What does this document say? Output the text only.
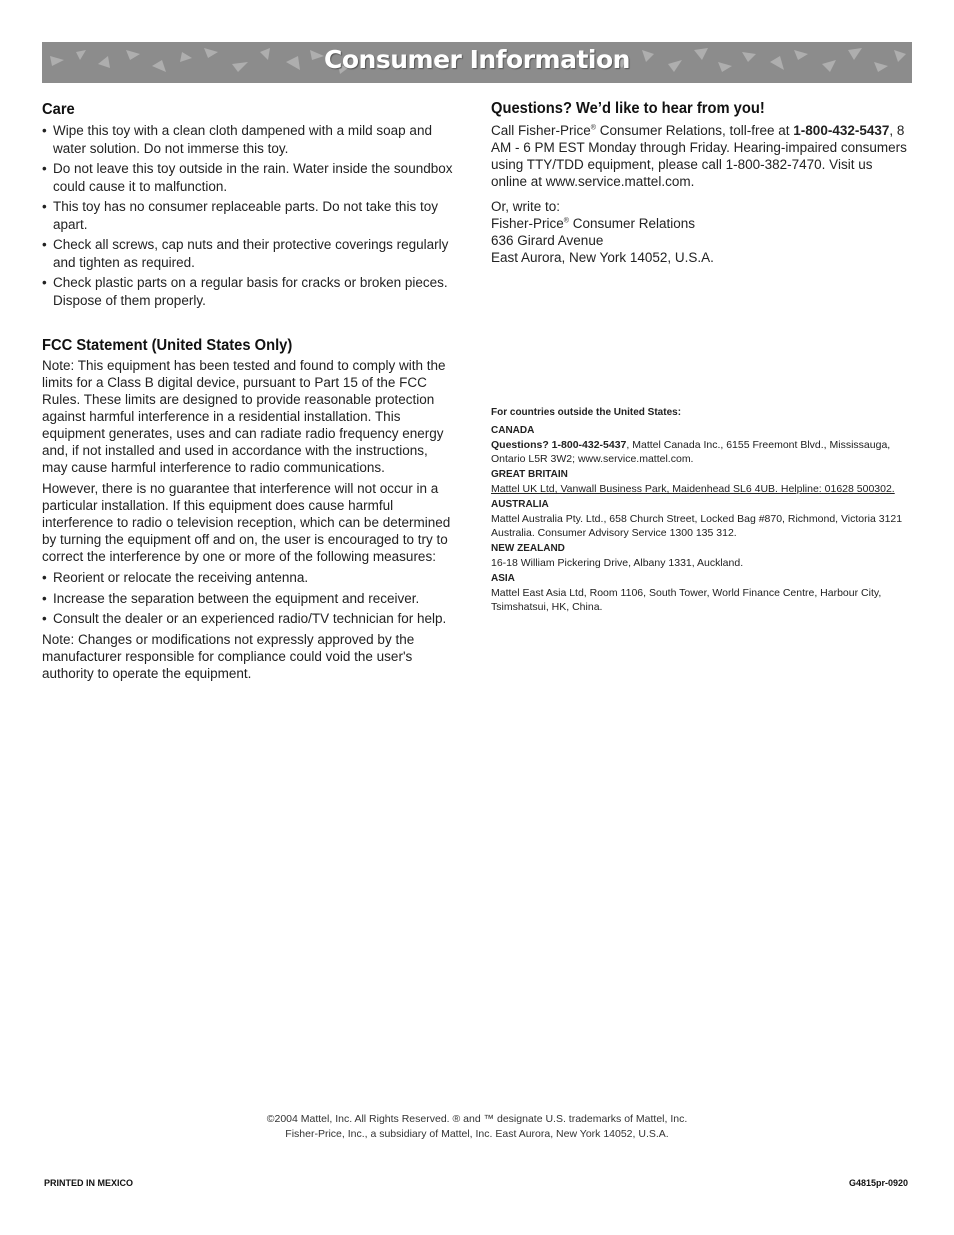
Consumer Information
Care
• Wipe this toy with a clean cloth dampened with a mild soap and water solution. Do not immerse this toy.
• Do not leave this toy outside in the rain. Water inside the soundbox could cause it to malfunction.
• This toy has no consumer replaceable parts. Do not take this toy apart.
• Check all screws, cap nuts and their protective coverings regularly and tighten as required.
• Check plastic parts on a regular basis for cracks or broken pieces. Dispose of them properly.
FCC Statement (United States Only)

Note: This equipment has been tested and found to comply with the limits for a Class B digital device, pursuant to Part 15 of the FCC Rules. These limits are designed to provide reasonable protection against harmful interference in a residential installation. This equipment generates, uses and can radiate radio frequency energy and, if not installed and used in accordance with the instructions, may cause harmful interference to radio communications.

However, there is no guarantee that interference will not occur in a particular installation. If this equipment does cause harmful interference to radio o television reception, which can be determined by turning the equipment off and on, the user is encouraged to try to correct the interference by one or more of the following measures:

• Reorient or relocate the receiving antenna.
• Increase the separation between the equipment and receiver.
• Consult the dealer or an experienced radio/TV technician for help.

Note: Changes or modifications not expressly approved by the manufacturer responsible for compliance could void the user's authority to operate the equipment.

Questions? We’d like to hear from you!

Call Fisher-Price® Consumer Relations, toll-free at 1-800-432-5437, 8 AM - 6 PM EST Monday through Friday. Hearing-impaired consumers using TTY/TDD equipment, please call 1-800-382-7470. Visit us online at www.service.mattel.com.

Or, write to:

Fisher-Price® Consumer Relations

636 Girard Avenue

East Aurora, New York 14052, U.S.A.

For countries outside the United States:
CANADA
Questions? 1-800-432-5437, Mattel Canada Inc., 6155 Freemont Blvd., Mississauga, Ontario L5R 3W2; www.service.mattel.com.
GREAT BRITAIN
Mattel UK Ltd, Vanwall Business Park, Maidenhead SL6 4UB. Helpline: 01628 500302.
AUSTRALIA
Mattel Australia Pty. Ltd., 658 Church Street, Locked Bag #870, Richmond, Victoria 3121 Australia. Consumer Advisory Service 1300 135 312.
NEW ZEALAND
16-18 William Pickering Drive, Albany 1331, Auckland.
ASIA
Mattel East Asia Ltd, Room 1106, South Tower, World Finance Centre, Harbour City, Tsimshatsui, HK, China.
©2004 Mattel, Inc. All Rights Reserved. ® and ™ designate U.S. trademarks of Mattel, Inc.
Fisher-Price, Inc., a subsidiary of Mattel, Inc. East Aurora, New York 14052, U.S.A.
PRINTED IN MEXICO	G4815pr-0920
